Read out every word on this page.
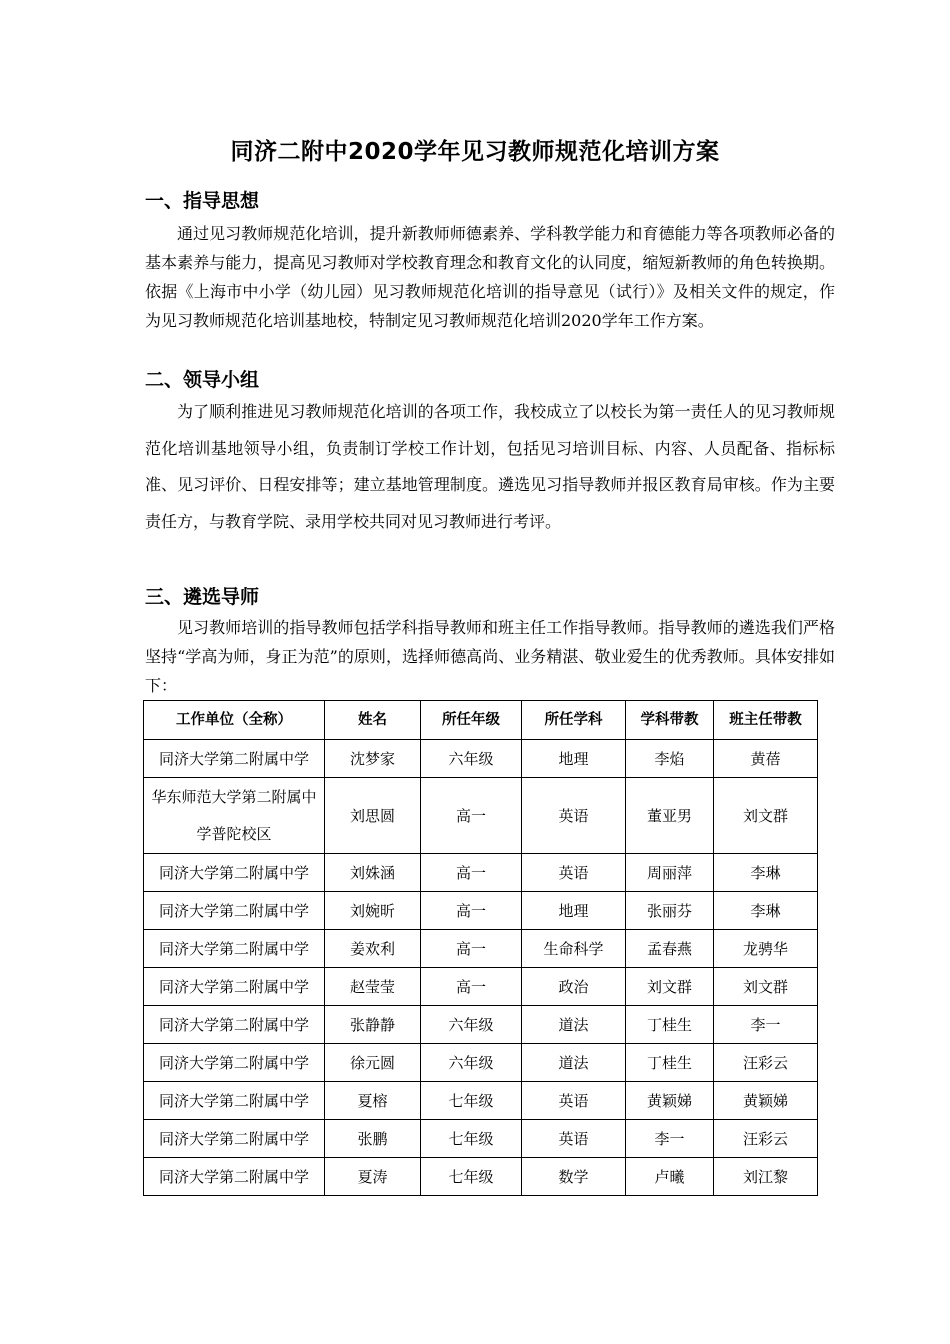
同济二附中2020学年见习教师规范化培训方案
一、指导思想

通过见习教师规范化培训，提升新教师师德素养、学科教学能力和育德能力等各项教师必备的基本素养与能力，提高见习教师对学校教育理念和教育文化的认同度，缩短新教师的角色转换期。依据《上海市中小学（幼儿园）见习教师规范化培训的指导意见（试行）》及相关文件的规定，作为见习教师规范化培训基地校，特制定见习教师规范化培训2020学年工作方案。

二、领导小组

为了顺利推进见习教师规范化培训的各项工作，我校成立了以校长为第一责任人的见习教师规范化培训基地领导小组，负责制订学校工作计划，包括见习培训目标、内容、人员配备、指标标准、见习评价、日程安排等；建立基地管理制度。遴选见习指导教师并报区教育局审核。作为主要责任方，与教育学院、录用学校共同对见习教师进行考评。

三、遴选导师

见习教师培训的指导教师包括学科指导教师和班主任工作指导教师。指导教师的遴选我们严格坚持“学高为师，身正为范”的原则，选择师德高尚、业务精湛、敬业爱生的优秀教师。具体安排如下：

工作单位（全称）	姓名	所任年级	所任学科	学科带教	班主任带教
同济大学第二附属中学	沈梦家	六年级	地理	李焰	黄蓓
华东师范大学第二附属中学普陀校区	刘思圆	高一	英语	董亚男	刘文群
同济大学第二附属中学	刘姝涵	高一	英语	周丽萍	李琳
同济大学第二附属中学	刘婉昕	高一	地理	张丽芬	李琳
同济大学第二附属中学	姜欢利	高一	生命科学	孟春燕	龙骋华
同济大学第二附属中学	赵莹莹	高一	政治	刘文群	刘文群
同济大学第二附属中学	张静静	六年级	道法	丁桂生	李一
同济大学第二附属中学	徐元圆	六年级	道法	丁桂生	汪彩云
同济大学第二附属中学	夏榕	七年级	英语	黄颖娣	黄颖娣
同济大学第二附属中学	张鹏	七年级	英语	李一	汪彩云
同济大学第二附属中学	夏涛	七年级	数学	卢曦	刘江黎
